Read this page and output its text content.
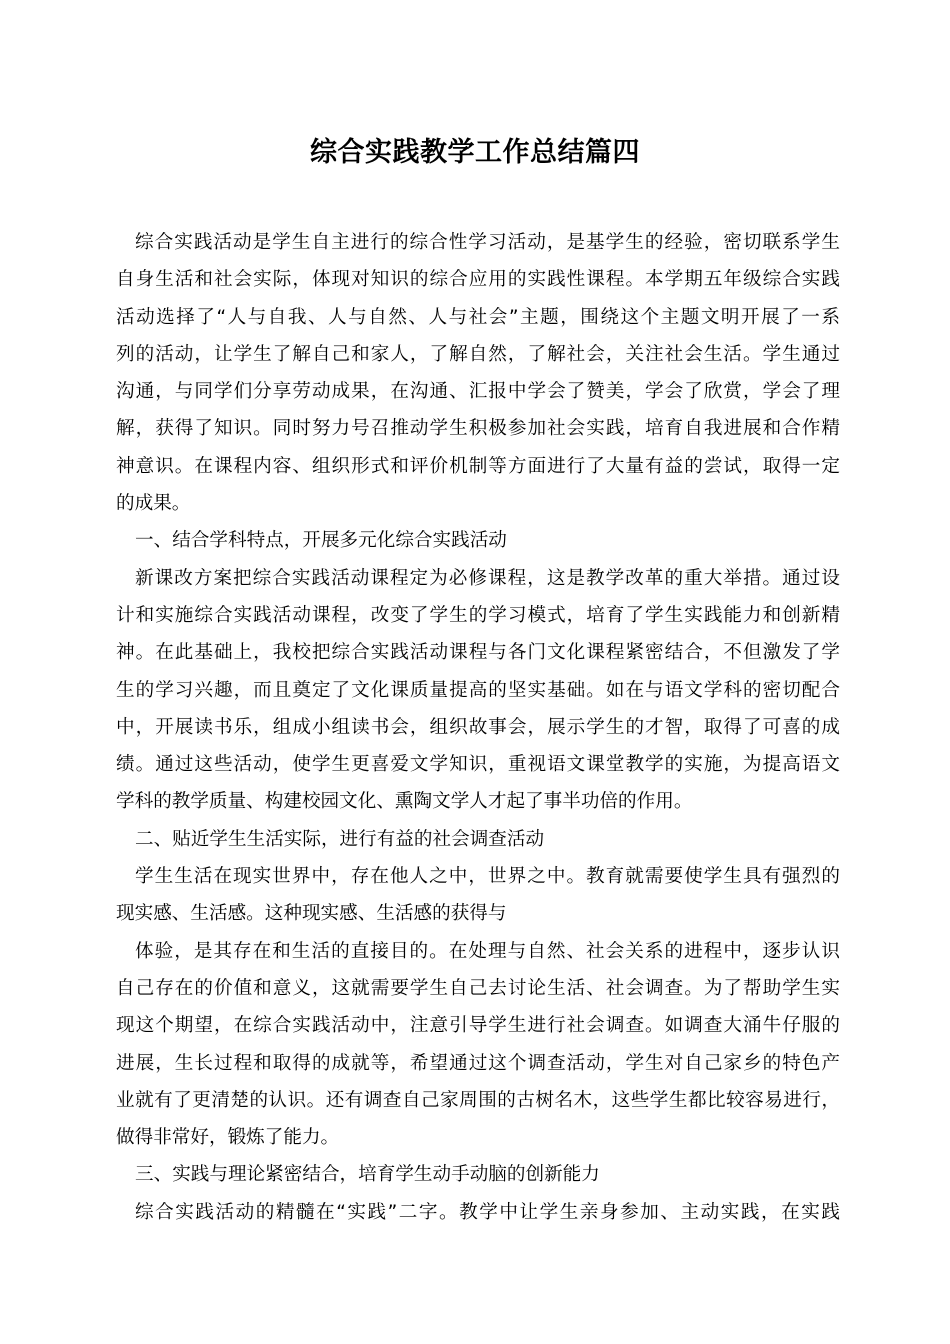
综合实践教学工作总结篇四
综合实践活动是学生自主进行的综合性学习活动，是基学生的经验，密切联系学生
自身生活和社会实际，体现对知识的综合应用的实践性课程。本学期五年级综合实践
活动选择了“人与自我、人与自然、人与社会”主题，围绕这个主题文明开展了一系
列的活动，让学生了解自己和家人，了解自然，了解社会，关注社会生活。学生通过
沟通，与同学们分享劳动成果，在沟通、汇报中学会了赞美，学会了欣赏，学会了理
解，获得了知识。同时努力号召推动学生积极参加社会实践，培育自我进展和合作精
神意识。在课程内容、组织形式和评价机制等方面进行了大量有益的尝试，取得一定
的成果。
一、结合学科特点，开展多元化综合实践活动
新课改方案把综合实践活动课程定为必修课程，这是教学改革的重大举措。通过设
计和实施综合实践活动课程，改变了学生的学习模式，培育了学生实践能力和创新精
神。在此基础上，我校把综合实践活动课程与各门文化课程紧密结合，不但激发了学
生的学习兴趣，而且奠定了文化课质量提高的坚实基础。如在与语文学科的密切配合
中，开展读书乐，组成小组读书会，组织故事会，展示学生的才智，取得了可喜的成
绩。通过这些活动，使学生更喜爱文学知识，重视语文课堂教学的实施，为提高语文
学科的教学质量、构建校园文化、熏陶文学人才起了事半功倍的作用。
二、贴近学生生活实际，进行有益的社会调查活动
学生生活在现实世界中，存在他人之中，世界之中。教育就需要使学生具有强烈的
现实感、生活感。这种现实感、生活感的获得与
体验，是其存在和生活的直接目的。在处理与自然、社会关系的进程中，逐步认识
自己存在的价值和意义，这就需要学生自己去讨论生活、社会调查。为了帮助学生实
现这个期望，在综合实践活动中，注意引导学生进行社会调查。如调查大涌牛仔服的
进展，生长过程和取得的成就等，希望通过这个调查活动，学生对自己家乡的特色产
业就有了更清楚的认识。还有调查自己家周围的古树名木，这些学生都比较容易进行，
做得非常好，锻炼了能力。
三、实践与理论紧密结合，培育学生动手动脑的创新能力
综合实践活动的精髓在“实践”二字。教学中让学生亲身参加、主动实践，在实践
